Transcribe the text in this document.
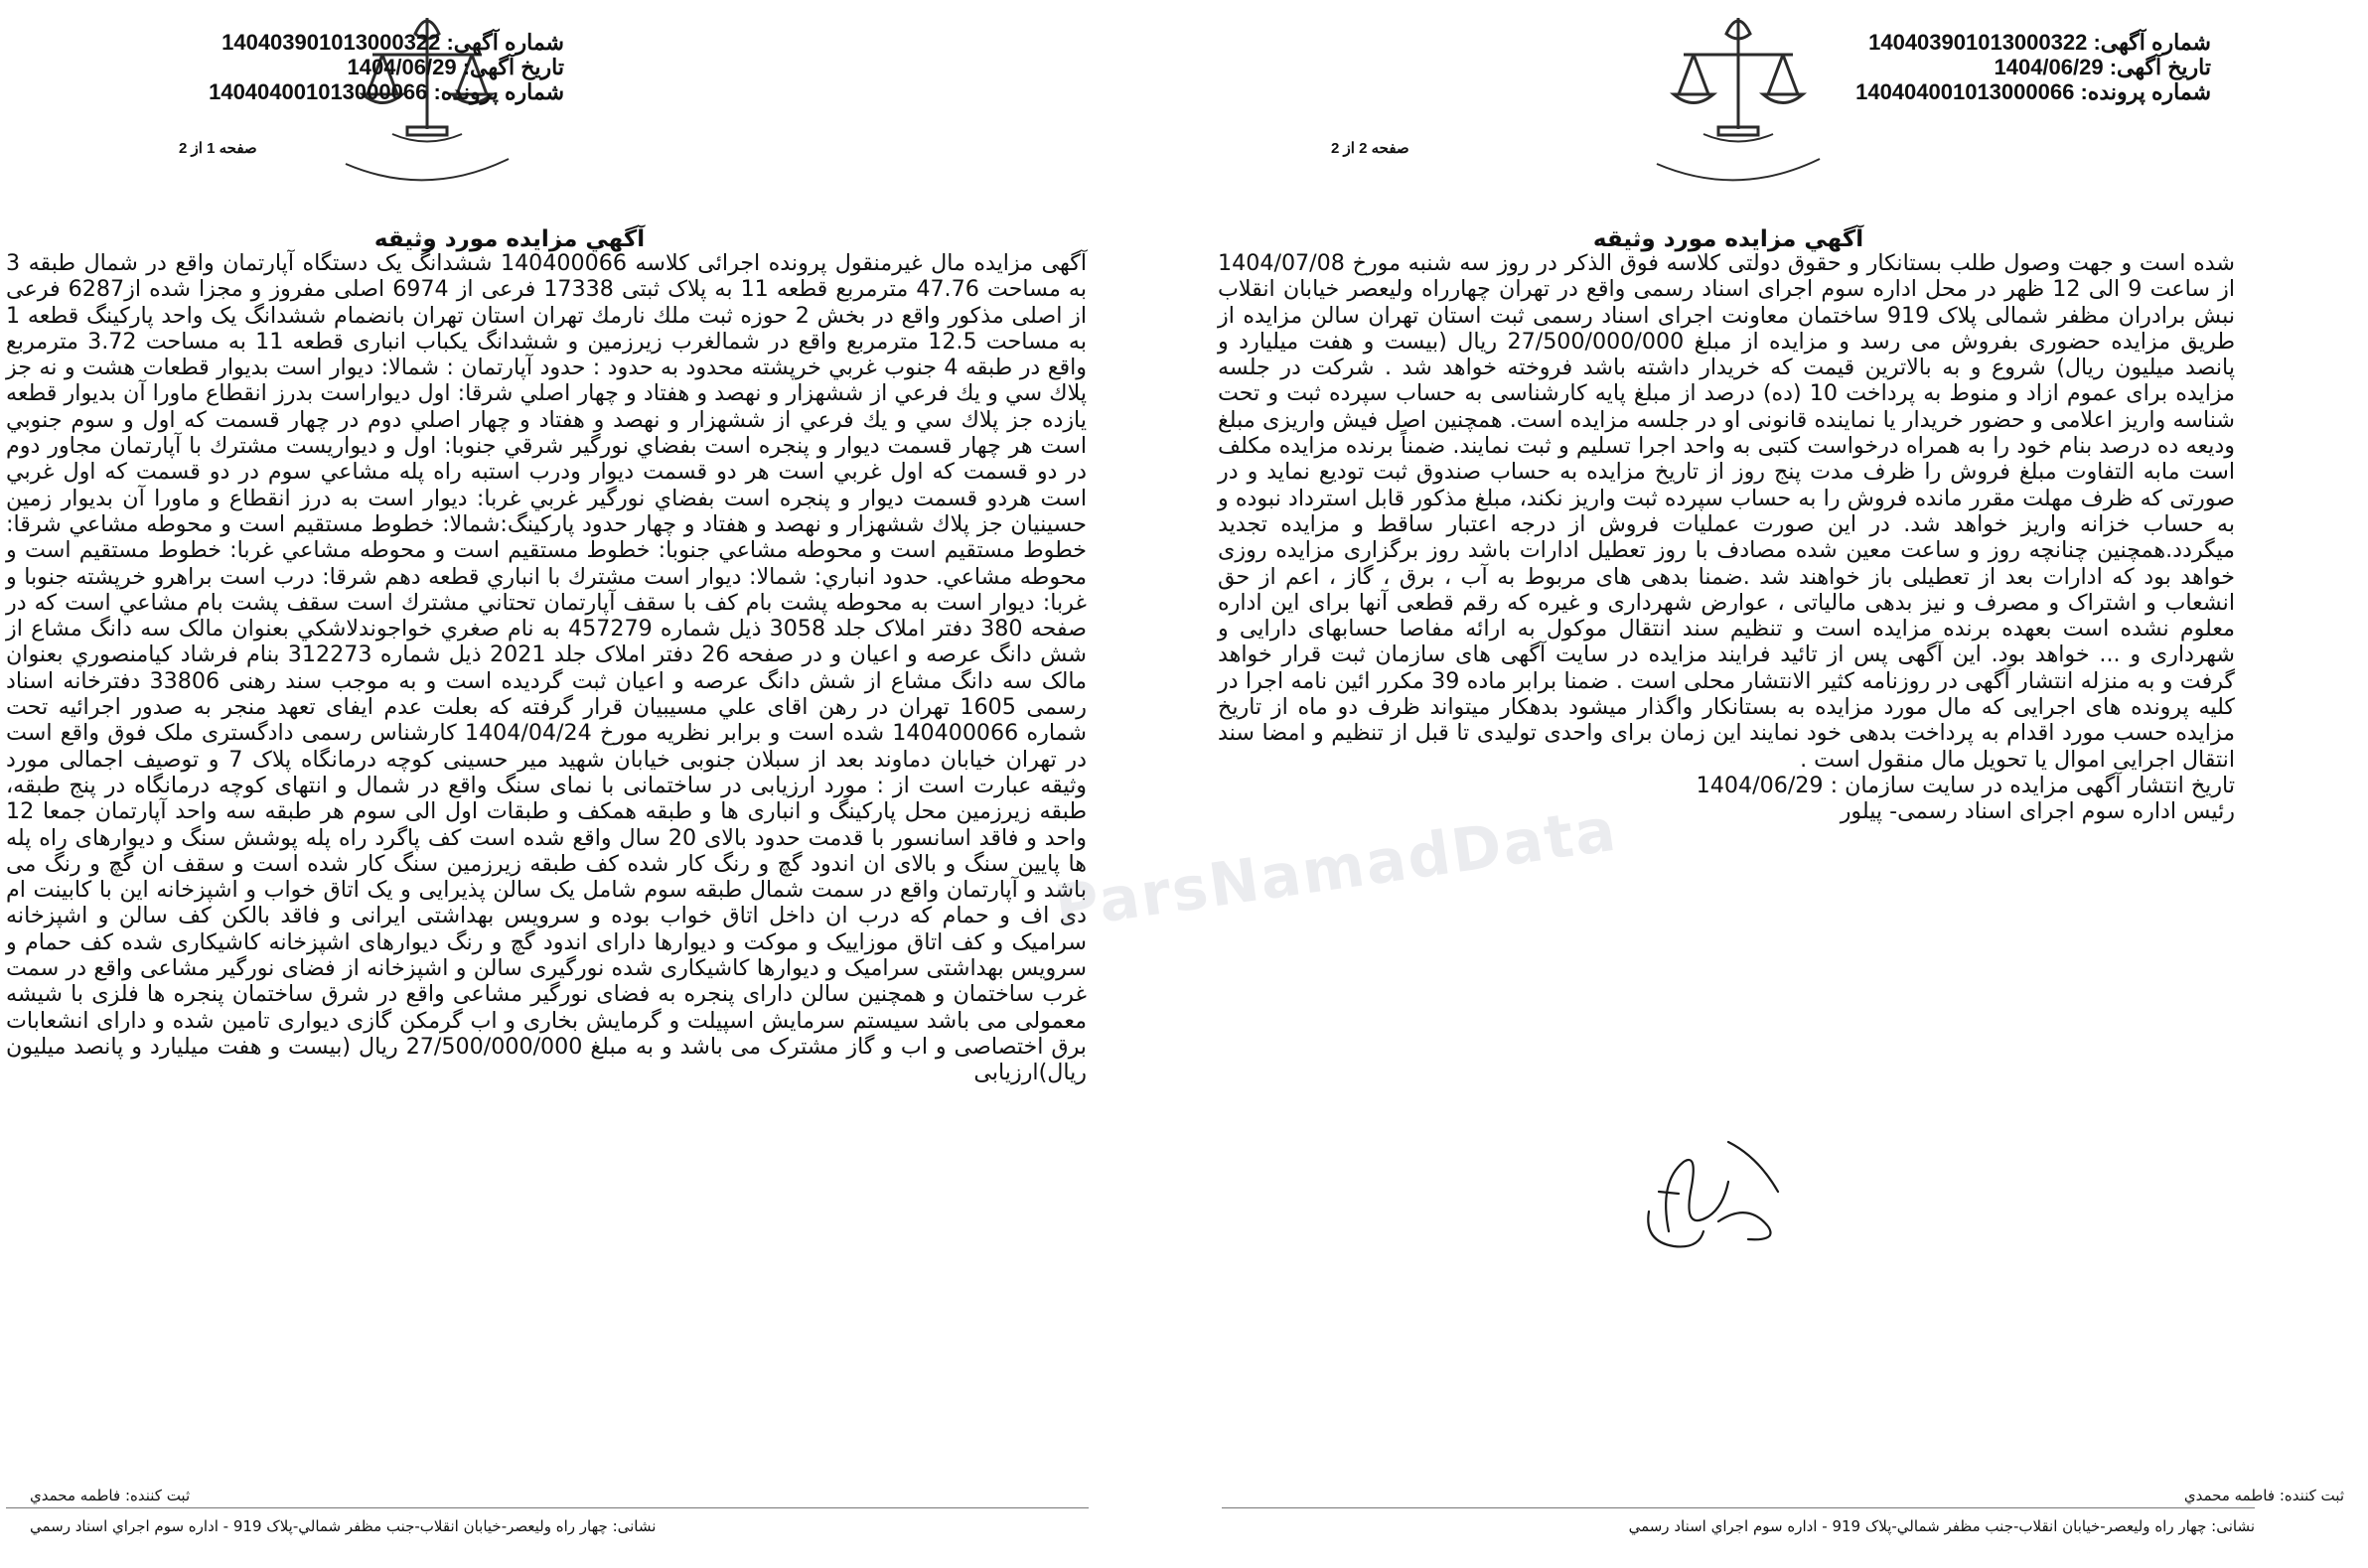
شماره آگهی: 140403901013000322
تاریخ آگهی: 1404/06/29
شماره پرونده: 140404001013000066
صفحه 1 از 2
آگهي مزايده مورد وثيقه

آگهی مزایده مال غیرمنقول پرونده اجرائی کلاسه 140400066 ششدانگ یک دستگاه آپارتمان واقع در شمال طبقه 3 به مساحت 47.76 مترمربع قطعه 11 به پلاک ثبتی 17338 فرعی از 6974 اصلی مفروز و مجزا شده از6287 فرعی از اصلی مذکور واقع در بخش 2 حوزه ثبت ملك نارمك تهران استان تهران بانضمام ششدانگ یک واحد پارکینگ قطعه 1 به مساحت 12.5 مترمربع واقع در شمالغرب زیرزمین و ششدانگ یکباب انباری قطعه 11 به مساحت 3.72 مترمربع واقع در طبقه 4 جنوب غربي خرپشته محدود به حدود : حدود آپارتمان : شمالا: ديوار است بديوار قطعات هشت و نه جز پلاك سي و يك فرعي از ششهزار و نهصد و هفتاد و چهار اصلي شرقا: اول ديواراست بدرز انقطاع ماورا آن بديوار قطعه يازده جز پلاك سي و يك فرعي از ششهزار و نهصد و هفتاد و چهار اصلي دوم در چهار قسمت كه اول و سوم جنوبي است هر چهار قسمت ديوار و پنجره است بفضاي نورگير شرقي جنوبا: اول و ديواريست مشترك با آپارتمان مجاور دوم در دو قسمت كه اول غربي است هر دو قسمت ديوار ودرب استبه راه پله مشاعي سوم در دو قسمت كه اول غربي است هردو قسمت ديوار و پنجره است بفضاي نورگير غربي غربا: ديوار است به درز انقطاع و ماورا آن بديوار زمين حسينيان جز پلاك ششهزار و نهصد و هفتاد و چهار حدود پاركينگ:شمالا: خطوط مستقيم است و محوطه مشاعي شرقا: خطوط مستقيم است و محوطه مشاعي جنوبا: خطوط مستقيم است و محوطه مشاعي غربا: خطوط مستقيم است و محوطه مشاعي. حدود انباري: شمالا: ديوار است مشترك با انباري قطعه دهم شرقا: درب است براهرو خرپشته جنوبا و غربا: ديوار است به محوطه پشت بام كف با سقف آپارتمان تحتاني مشترك است سقف پشت بام مشاعي است كه در صفحه 380 دفتر املاک جلد 3058 ذیل شماره 457279 به نام صغري خواجوندلاشكي بعنوان مالک سه دانگ مشاع از شش دانگ عرصه و اعیان و در صفحه 26 دفتر املاک جلد 2021 ذیل شماره 312273 بنام فرشاد كيامنصوري بعنوان مالک سه دانگ مشاع از شش دانگ عرصه و اعیان ثبت گردیده است و به موجب سند رهنی 33806 دفترخانه اسناد رسمی 1605 تهران در رهن اقای علي مسيبيان قرار گرفته که بعلت عدم ایفای تعهد منجر به صدور اجرائیه تحت شماره 140400066 شده است و برابر نظریه مورخ 1404/04/24 کارشناس رسمی دادگستری ملک فوق واقع است در تهران خیابان دماوند بعد از سبلان جنوبی خیابان شهید میر حسینی کوچه درمانگاه پلاک 7 و توصیف اجمالی مورد وثیقه عبارت است از : مورد ارزیابی در ساختمانی با نمای سنگ واقع در شمال و انتهای کوچه درمانگاه در پنج طبقه، طبقه زیرزمین محل پارکینگ و انباری ها و طبقه همکف و طبقات اول الی سوم هر طبقه سه واحد آپارتمان جمعا 12 واحد و فاقد اسانسور با قدمت حدود بالای 20 سال واقع شده است کف پاگرد راه پله پوشش سنگ و دیوارهای راه پله ها پایین سنگ و بالای ان اندود گچ و رنگ کار شده کف طبقه زیرزمین سنگ کار شده است و سقف ان گچ و رنگ می باشد و آپارتمان واقع در سمت شمال طبقه سوم شامل یک سالن پذیرایی و یک اتاق خواب و اشپزخانه این با کابینت ام دی اف و حمام که درب ان داخل اتاق خواب بوده و سرویس بهداشتی ایرانی و فاقد بالکن کف سالن و اشپزخانه سرامیک و کف اتاق موزاییک و موکت و دیوارها دارای اندود گچ و رنگ دیوارهای اشپزخانه کاشیکاری شده کف حمام و سرویس بهداشتی سرامیک و دیوارها کاشیکاری شده نورگیری سالن و اشپزخانه از فضای نورگیر مشاعی واقع در سمت غرب ساختمان و همچنین سالن دارای پنجره به فضای نورگیر مشاعی واقع در شرق ساختمان پنجره ها فلزی با شیشه معمولی می باشد سیستم سرمایش اسپیلت و گرمایش بخاری و اب گرمکن گازی دیواری تامین شده و دارای انشعابات برق اختصاصی و اب و گاز مشترک می باشد و به مبلغ 27/500/000/000 ریال (بیست و هفت میلیارد و پانصد میلیون ریال)ارزیابی

ثبت کننده: فاطمه محمدي
نشانی: چهار راه وليعصر-خيابان انقلاب-جنب مظفر شمالي-پلاک 919 - اداره سوم اجراي اسناد رسمي
شماره آگهی: 140403901013000322
تاریخ آگهی: 1404/06/29
شماره پرونده: 140404001013000066
صفحه 2 از 2
آگهي مزايده مورد وثيقه

شده است و جهت وصول طلب بستانکار و حقوق دولتی کلاسه فوق الذکر در روز سه شنبه مورخ 1404/07/08 از ساعت 9 الی 12 ظهر در محل اداره سوم اجرای اسناد رسمی واقع در تهران چهارراه ولیعصر خیابان انقلاب نبش برادران مظفر شمالی پلاک 919 ساختمان معاونت اجرای اسناد رسمی ثبت استان تهران سالن مزایده از طریق مزایده حضوری بفروش می رسد و مزایده از مبلغ 27/500/000/000 ریال (بیست و هفت میلیارد و پانصد میلیون ریال) شروع و به بالاترین قیمت که خریدار داشته باشد فروخته خواهد شد . شرکت در جلسه مزایده برای عموم ازاد و منوط به پرداخت 10 (ده) درصد از مبلغ پایه کارشناسی به حساب سپرده ثبت و تحت شناسه واریز اعلامی و حضور خریدار یا نماینده قانونی او در جلسه مزایده است. همچنین اصل فیش واریزی مبلغ ودیعه ده درصد بنام خود را به همراه درخواست کتبی به واحد اجرا تسلیم و ثبت نمایند. ضمناً برنده مزایده مکلف است مابه التفاوت مبلغ فروش را ظرف مدت پنج روز از تاریخ مزایده به حساب صندوق ثبت تودیع نماید و در صورتی که ظرف مهلت مقرر مانده فروش را به حساب سپرده ثبت واریز نکند، مبلغ مذکور قابل استرداد نبوده و به حساب خزانه واریز خواهد شد. در این صورت عملیات فروش از درجه اعتبار ساقط و مزایده تجدید میگردد.همچنین چنانچه روز و ساعت معین شده مصادف با روز تعطیل ادارات باشد روز برگزاری مزایده روزی خواهد بود که ادارات بعد از تعطیلی باز خواهند شد .ضمنا بدهی های مربوط به آب ، برق ، گاز ، اعم از حق انشعاب و اشتراک و مصرف و نیز بدهی مالیاتی ، عوارض شهرداری و غیره که رقم قطعی آنها برای این اداره معلوم نشده است بعهده برنده مزایده است و تنظیم سند انتقال موکول به ارائه مفاصا حسابهای دارایی و شهرداری و ... خواهد بود. این آگهی پس از تائید فرایند مزایده در سایت آگهی های سازمان ثبت قرار خواهد گرفت و به منزله انتشار آگهی در روزنامه کثیر الانتشار محلی است . ضمنا برابر ماده 39 مکرر ائین نامه اجرا در کلیه پرونده های اجرایی که مال مورد مزایده به بستانکار واگذار میشود بدهکار میتواند ظرف دو ماه از تاریخ مزایده حسب مورد اقدام به پرداخت بدهی خود نمایند این زمان برای واحدی تولیدی تا قبل از تنظیم و امضا سند انتقال اجرایی اموال یا تحویل مال منقول است .

تاریخ انتشار آگهی مزایده در سایت سازمان : 1404/06/29

رئیس اداره سوم اجرای اسناد رسمی- پیلور

ثبت کننده: فاطمه محمدي
نشانی: چهار راه وليعصر-خيابان انقلاب-جنب مظفر شمالي-پلاک 919 - اداره سوم اجراي اسناد رسمي
ParsNamadData
